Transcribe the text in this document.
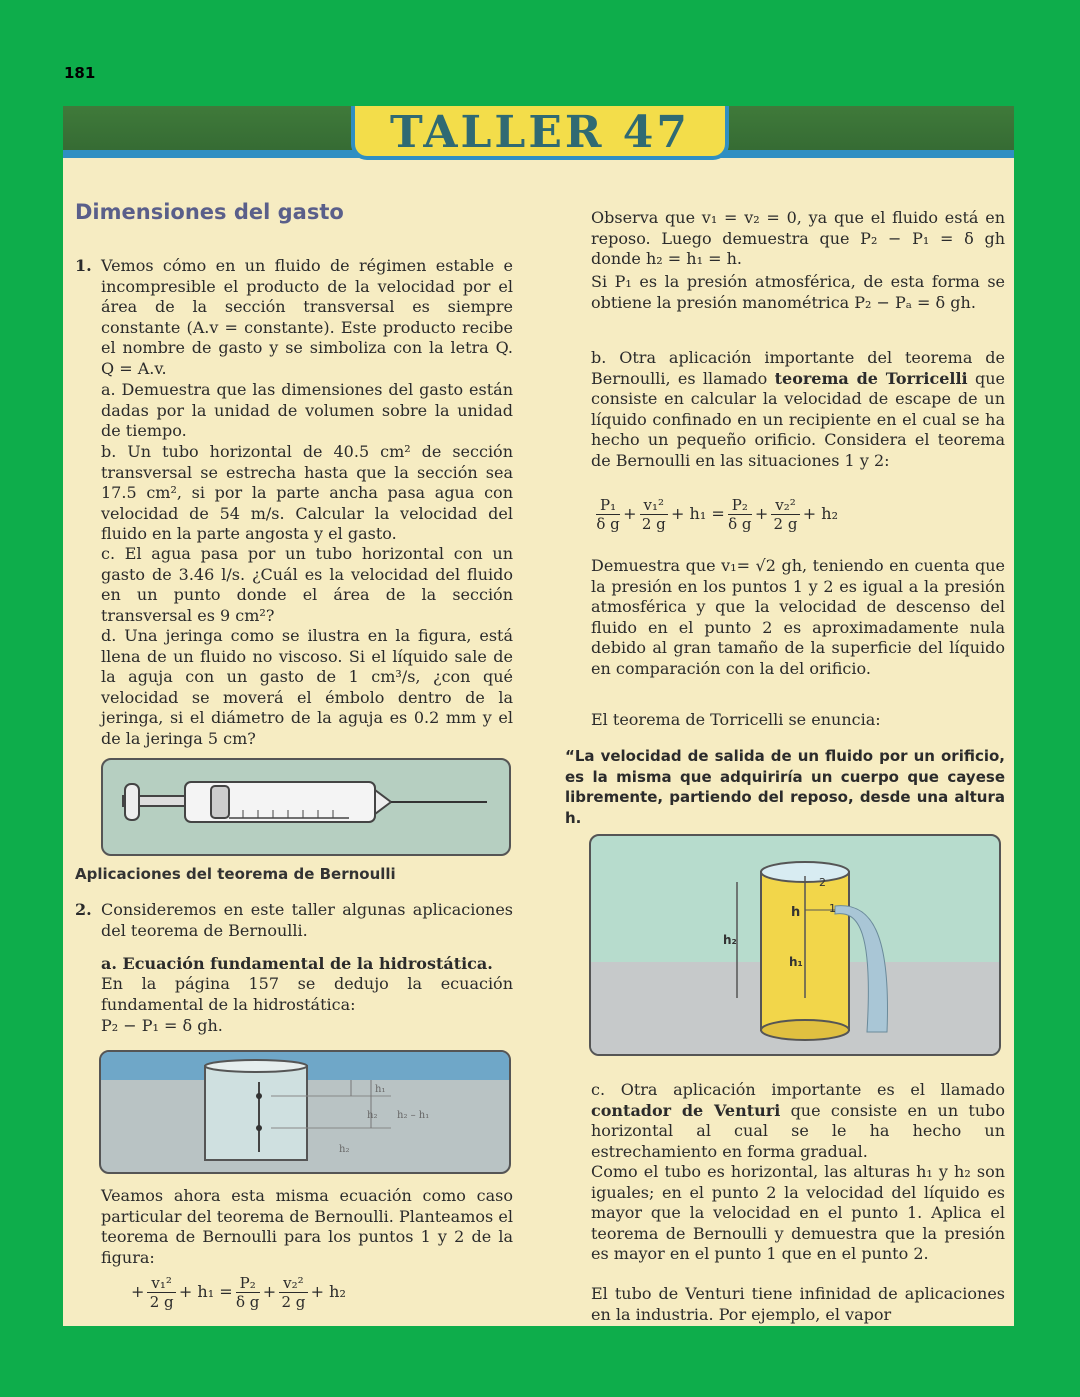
181
TALLER 47
Dimensiones del gasto
1. Vemos cómo en un fluido de régimen estable e incompresible el producto de la velocidad por el área de la sección transversal es siempre constante (A.v = constante). Este producto recibe el nombre de gasto y se simboliza con la letra Q. Q = A.v.

a. Demuestra que las dimensiones del gasto están dadas por la unidad de volumen sobre la unidad de tiempo.

b. Un tubo horizontal de 40.5 cm² de sección transversal se estrecha hasta que la sección sea 17.5 cm², si por la parte ancha pasa agua con velocidad de 54 m/s. Calcular la velocidad del fluido en la parte angosta y el gasto.

c. El agua pasa por un tubo horizontal con un gasto de 3.46 l/s. ¿Cuál es la velocidad del fluido en un punto donde el área de la sección transversal es 9 cm²?

d. Una jeringa como se ilustra en la figura, está llena de un fluido no viscoso. Si el líquido sale de la aguja con un gasto de 1 cm³/s, ¿con qué velocidad se moverá el émbolo dentro de la jeringa, si el diámetro de la aguja es 0.2 mm y el de la jeringa 5 cm?

Aplicaciones del teorema de Bernoulli
2. Consideremos en este taller algunas aplicaciones del teorema de Bernoulli.

a. Ecuación fundamental de la hidrostática.

En la página 157 se dedujo la ecuación fundamental de la hidrostática:

P₂ − P₁ = δ gh.

h₁
h₂
h₂ h₂ – h₁

Veamos ahora esta misma ecuación como caso particular del teorema de Bernoulli. Planteamos el teorema de Bernoulli para los puntos 1 y 2 de la figura:

+ $\frac{\text{v₁²}}{2 g} + h_1 = \frac{\text{P₂}}{\text{δ g}} + \frac{\text{v₂²}}{2 g} + h_2$

Observa que v₁ = v₂ = 0, ya que el fluido está en reposo. Luego demuestra que P₂ − P₁ = δ gh donde h₂ = h₁ = h.

Si P₁ es la presión atmosférica, de esta forma se obtiene la presión manométrica P₂ − Pₐ = δ gh.

b. Otra aplicación importante del teorema de Bernoulli, es llamado teorema de Torricelli que consiste en calcular la velocidad de escape de un líquido confinado en un recipiente en el cual se ha hecho un pequeño orificio. Considera el teorema de Bernoulli en las situaciones 1 y 2:

$\frac{\text{P₁}}{\text{δ g}} + \frac{\text{v₁²}}{2 g} + h_1 = \frac{\text{P₂}}{\text{δ g}} + \frac{\text{v₂²}}{2 g} + h_2$

Demuestra que v₁= √2 gh, teniendo en cuenta que la presión en los puntos 1 y 2 es igual a la presión atmosférica y que la velocidad de descenso del fluido en el punto 2 es aproximadamente nula debido al gran tamaño de la superficie del líquido en comparación con la del orificio.

El teorema de Torricelli se enuncia:

“La velocidad de salida de un fluido por un orificio, es la misma que adquiriría un cuerpo que cayese libremente, partiendo del reposo, desde una altura h.

2
h	1
h₂
h₁

c. Otra aplicación importante es el llamado contador de Venturi que consiste en un tubo horizontal al cual se le ha hecho un estrechamiento en forma gradual.

Como el tubo es horizontal, las alturas h₁ y h₂ son iguales; en el punto 2 la velocidad del líquido es mayor que la velocidad en el punto 1. Aplica el teorema de Bernoulli y demuestra que la presión es mayor en el punto 1 que en el punto 2.

El tubo de Venturi tiene infinidad de aplicaciones en la industria. Por ejemplo, el vapor
